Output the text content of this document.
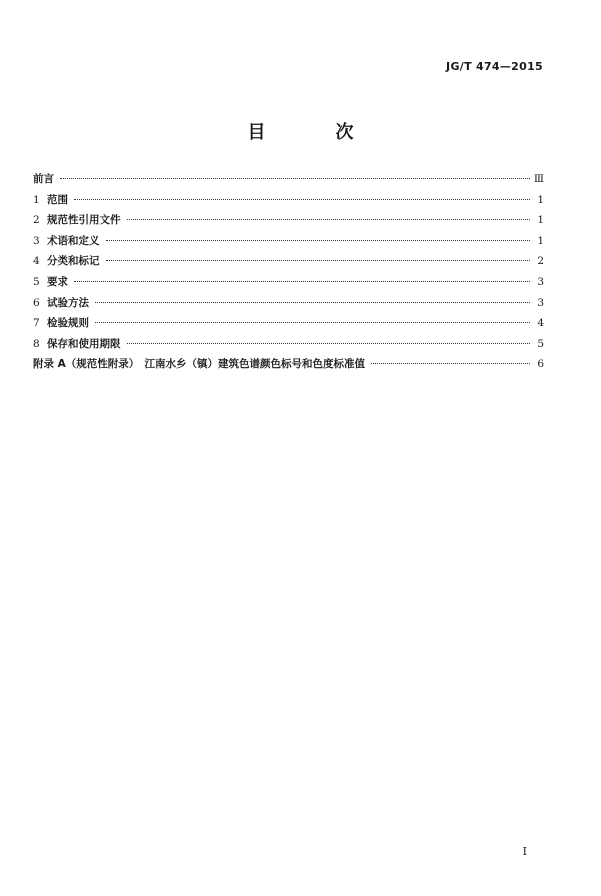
JG/T 474—2015
目　次
前言	Ⅲ
1 范围	1
2 规范性引用文件	1
3 术语和定义	1
4 分类和标记	2
5 要求	3
6 试验方法	3
7 检验规则	4
8 保存和使用期限	5
附录 A（规范性附录）　江南水乡（镇）建筑色谱颜色标号和色度标准值	6
I
